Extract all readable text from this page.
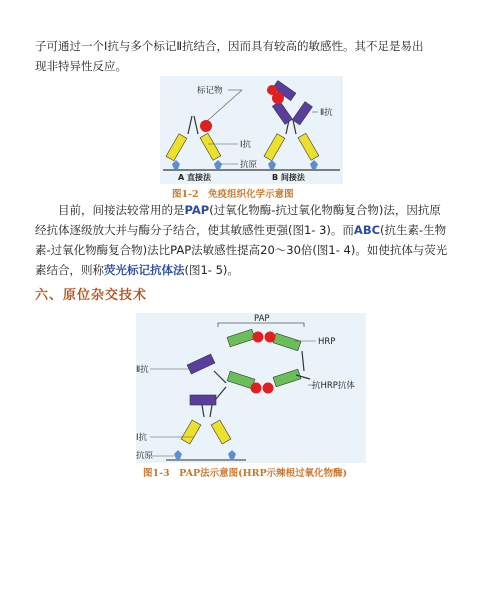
子可通过一个Ⅰ抗与多个标记Ⅱ抗结合，因而具有较高的敏感性。其不足是易出
现非特异性反应。

标记物
Ⅱ抗
Ⅰ抗
抗原
A 直接法	B 间接法
图1-2　免疫组织化学示意图

　　目前，间接法较常用的是PAP(过氧化物酶-抗过氧化物酶复合物)法，因抗原
经抗体逐级放大并与酶分子结合，使其敏感性更强(图1- 3)。而ABC(抗生素-生物
素-过氧化物酶复合物)法比PAP法敏感性提高20～30倍(图1- 4)。如使抗体与荧光
素结合，则称荧光标记抗体法(图1- 5)。

六、原位杂交技术
PAP
Ⅱ抗
Ⅰ抗
抗原
HRP
抗HRP抗体
图1-3　PAP法示意图(HRP示辣根过氧化物酶)
